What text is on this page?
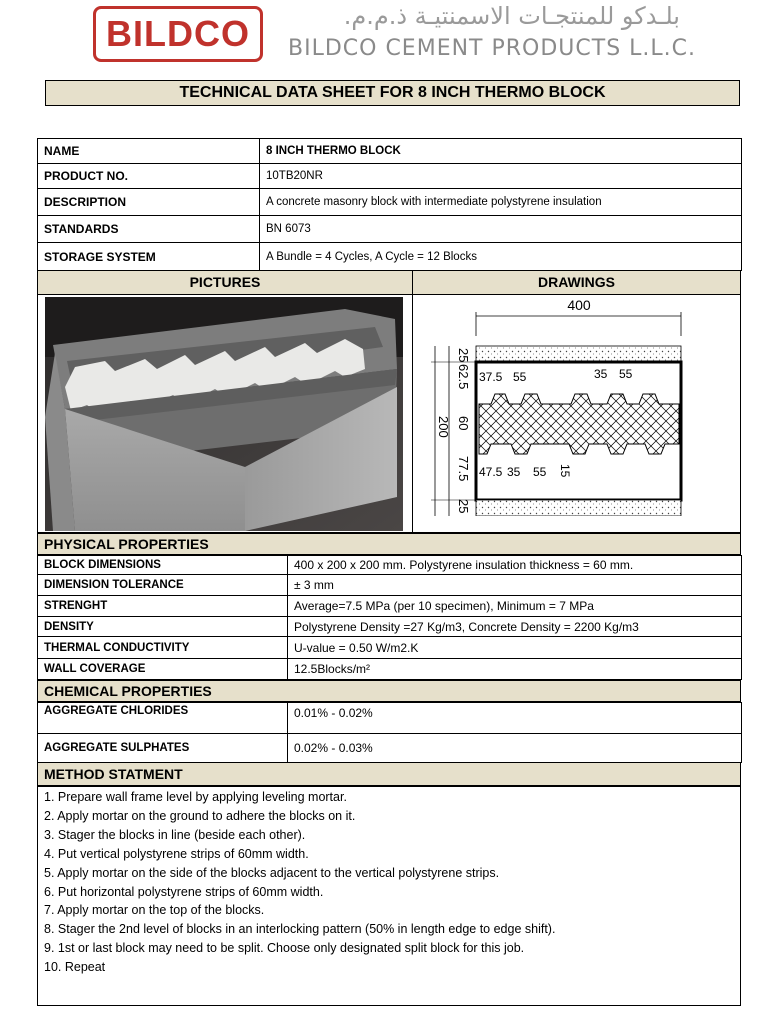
BILDCO	بلـدكو للمنتجـات الاسمنتيـة ذ.م.م.
BILDCO CEMENT PRODUCTS L.L.C.
TECHNICAL DATA SHEET FOR 8 INCH THERMO BLOCK
NAME	8 INCH THERMO BLOCK
PRODUCT NO.	10TB20NR
DESCRIPTION	A concrete masonry block with intermediate polystyrene insulation
STANDARDS	BN 6073
STORAGE SYSTEM	A Bundle = 4 Cycles, A Cycle = 12 Blocks
PICTURES	DRAWINGS
400
25
62.5
60
77.5
25
200
37.5 55	35 55
47.5 35 55 15
PHYSICAL PROPERTIES
BLOCK DIMENSIONS	400 x 200 x 200 mm. Polystyrene insulation thickness = 60 mm.
DIMENSION TOLERANCE	± 3 mm
STRENGHT	Average=7.5 MPa (per 10 specimen), Minimum = 7 MPa
DENSITY	Polystyrene Density =27 Kg/m3, Concrete Density = 2200 Kg/m3
THERMAL CONDUCTIVITY	U-value = 0.50 W/m2.K
WALL COVERAGE	12.5Blocks/m²
CHEMICAL PROPERTIES
AGGREGATE CHLORIDES	0.01% - 0.02%
AGGREGATE SULPHATES	0.02% - 0.03%
METHOD STATMENT
1. Prepare wall frame level by applying leveling mortar.
2. Apply mortar on the ground to adhere the blocks on it.
3. Stager the blocks in line (beside each other).
4. Put vertical polystyrene strips of 60mm width.
5. Apply mortar on the side of the blocks adjacent to the vertical polystyrene strips.
6. Put horizontal polystyrene strips of 60mm width.
7. Apply mortar on the top of the blocks.
8. Stager the 2nd level of blocks in an interlocking pattern (50% in length edge to edge shift).
9. 1st or last block may need to be split. Choose only designated split block for this job.
10. Repeat
